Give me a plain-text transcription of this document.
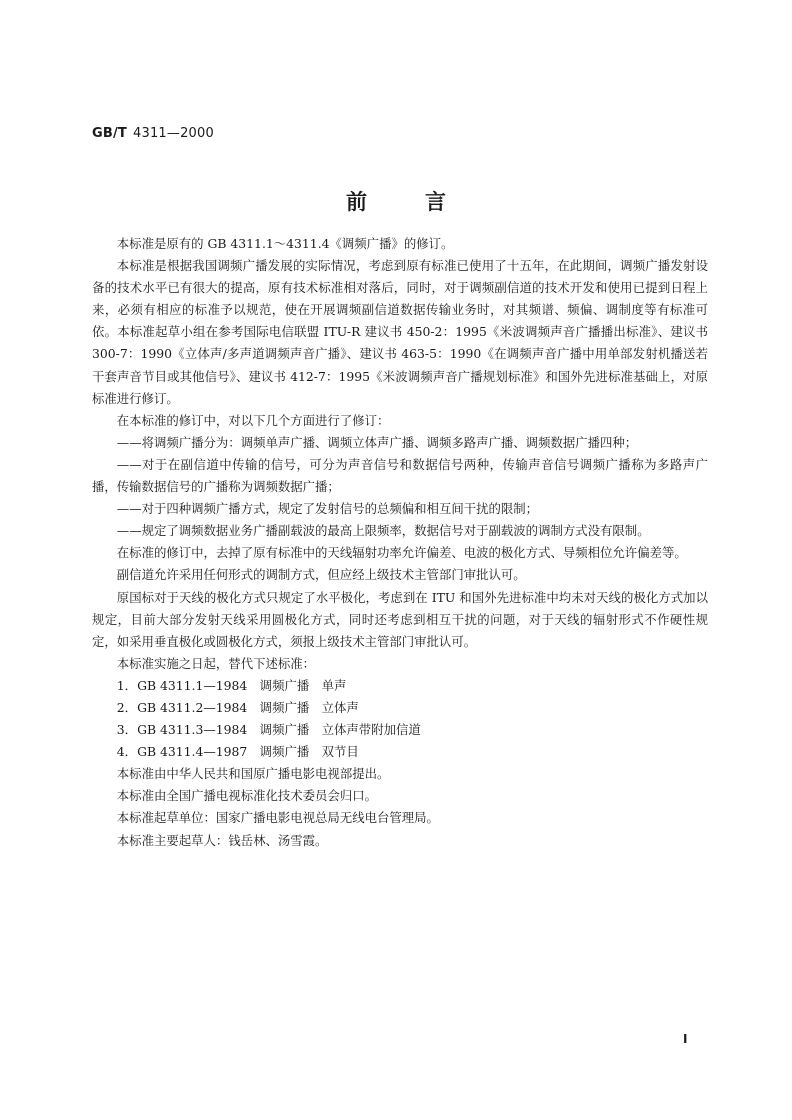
GB/T 4311—2000
前	言

本标准是原有的 GB 4311.1～4311.4《调频广播》的修订。

本标准是根据我国调频广播发展的实际情况，考虑到原有标准已使用了十五年，在此期间，调频广播发射设备的技术水平已有很大的提高，原有技术标准相对落后，同时，对于调频副信道的技术开发和使用已提到日程上来，必须有相应的标准予以规范，使在开展调频副信道数据传输业务时，对其频谱、频偏、调制度等有标准可依。本标准起草小组在参考国际电信联盟 ITU-R 建议书 450-2：1995《米波调频声音广播播出标准》、建议书 300-7：1990《立体声/多声道调频声音广播》、建议书 463-5：1990《在调频声音广播中用单部发射机播送若干套声音节目或其他信号》、建议书 412-7：1995《米波调频声音广播规划标准》和国外先进标准基础上，对原标准进行修订。

在本标准的修订中，对以下几个方面进行了修订：

——将调频广播分为：调频单声广播、调频立体声广播、调频多路声广播、调频数据广播四种；

——对于在副信道中传输的信号，可分为声音信号和数据信号两种，传输声音信号调频广播称为多路声广播，传输数据信号的广播称为调频数据广播；

——对于四种调频广播方式，规定了发射信号的总频偏和相互间干扰的限制；

——规定了调频数据业务广播副载波的最高上限频率，数据信号对于副载波的调制方式没有限制。

在标准的修订中，去掉了原有标准中的天线辐射功率允许偏差、电波的极化方式、导频相位允许偏差等。

副信道允许采用任何形式的调制方式，但应经上级技术主管部门审批认可。

原国标对于天线的极化方式只规定了水平极化，考虑到在 ITU 和国外先进标准中均未对天线的极化方式加以规定，目前大部分发射天线采用圆极化方式，同时还考虑到相互干扰的问题，对于天线的辐射形式不作硬性规定，如采用垂直极化或圆极化方式，须报上级技术主管部门审批认可。

本标准实施之日起，替代下述标准：

1．GB 4311.1—1984　调频广播　单声

2．GB 4311.2—1984　调频广播　立体声

3．GB 4311.3—1984　调频广播　立体声带附加信道

4．GB 4311.4—1987　调频广播　双节目

本标准由中华人民共和国原广播电影电视部提出。

本标准由全国广播电视标准化技术委员会归口。

本标准起草单位：国家广播电影电视总局无线电台管理局。

本标准主要起草人：钱岳林、汤雪霞。

Ⅰ
